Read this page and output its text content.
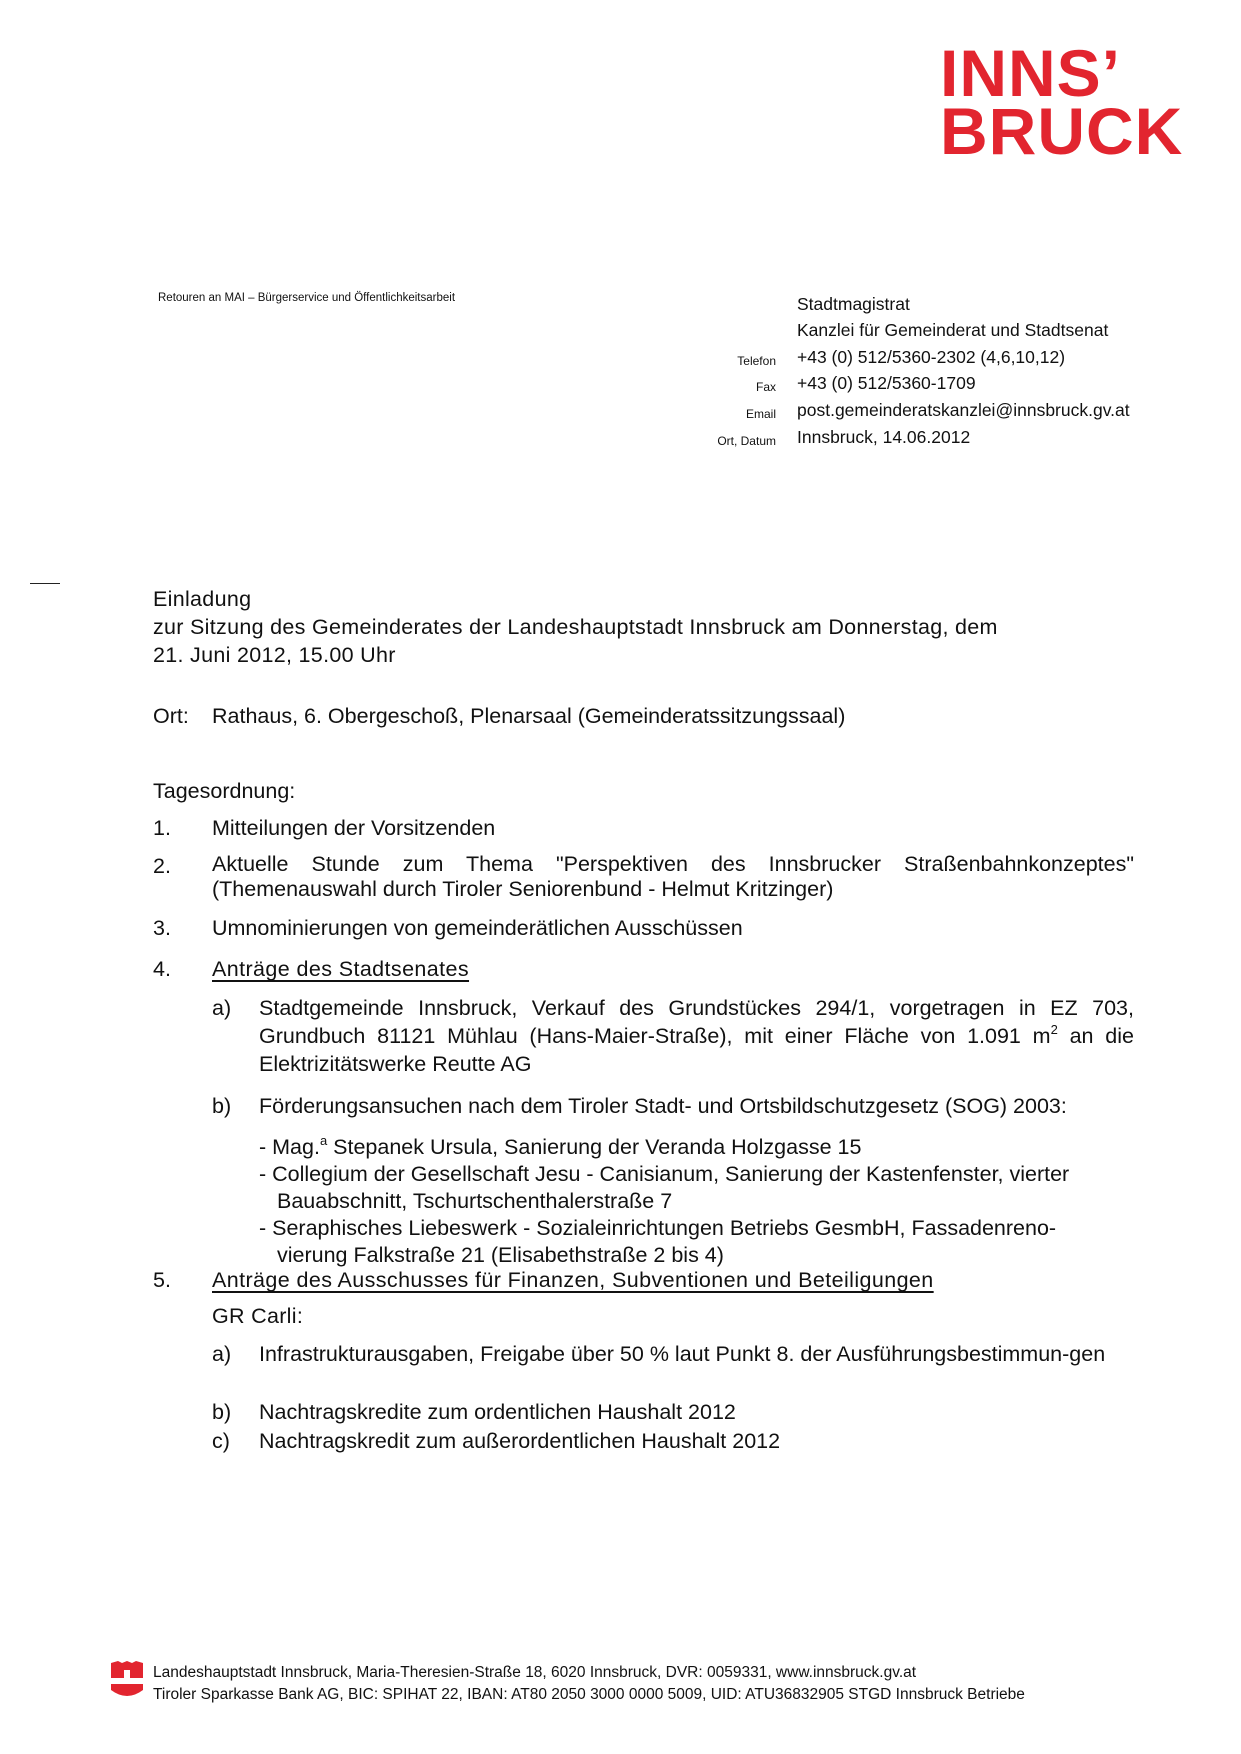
INNS’
BRUCK
Retouren an MAI – Bürgerservice und Öffentlichkeitsarbeit	Stadtmagistrat
Kanzlei für Gemeinderat und Stadtsenat
Telefon +43 (0) 512/5360-2302 (4,6,10,12)
Fax +43 (0) 512/5360-1709
Email post.gemeinderatskanzlei@innsbruck.gv.at
Ort, Datum Innsbruck, 14.06.2012
Einladung
zur Sitzung des Gemeinderates der Landeshauptstadt Innsbruck am Donnerstag, dem
21. Juni 2012, 15.00 Uhr
Ort: Rathaus, 6. Obergeschoß, Plenarsaal (Gemeinderatssitzungssaal)
Tagesordnung:
1.	Mitteilungen der Vorsitzenden
2.	Aktuelle Stunde zum Thema "Perspektiven des Innsbrucker Straßenbahnkonzeptes" (Themenauswahl durch Tiroler Seniorenbund - Helmut Kritzinger)
3.	Umnominierungen von gemeinderätlichen Ausschüssen
4.	Anträge des Stadtsenates
a)	Stadtgemeinde Innsbruck, Verkauf des Grundstückes 294/1, vorgetragen in EZ 703, Grundbuch 81121 Mühlau (Hans-Maier-Straße), mit einer Fläche von 1.091 $m^2$ an die Elektrizitätswerke Reutte AG
b)	Förderungsansuchen nach dem Tiroler Stadt- und Ortsbildschutzgesetz (SOG) 2003:
- Mag.$^a$ Stepanek Ursula, Sanierung der Veranda Holzgasse 15
- Collegium der Gesellschaft Jesu - Canisianum, Sanierung der Kastenfenster, vierter
Bauabschnitt, Tschurtschenthalerstraße 7
- Seraphisches Liebeswerk - Sozialeinrichtungen Betriebs GesmbH, Fassadenreno-
vierung Falkstraße 21 (Elisabethstraße 2 bis 4)
5.	Anträge des Ausschusses für Finanzen, Subventionen und Beteiligungen
GR Carli:
a)	Infrastrukturausgaben, Freigabe über 50 % laut Punkt 8. der Ausführungsbestimmun-gen
b)	Nachtragskredite zum ordentlichen Haushalt 2012
c)	Nachtragskredit zum außerordentlichen Haushalt 2012
Landeshauptstadt Innsbruck, Maria-Theresien-Straße 18, 6020 Innsbruck, DVR: 0059331, www.innsbruck.gv.at
Tiroler Sparkasse Bank AG, BIC: SPIHAT 22, IBAN: AT80 2050 3000 0000 5009, UID: ATU36832905 STGD Innsbruck Betriebe
